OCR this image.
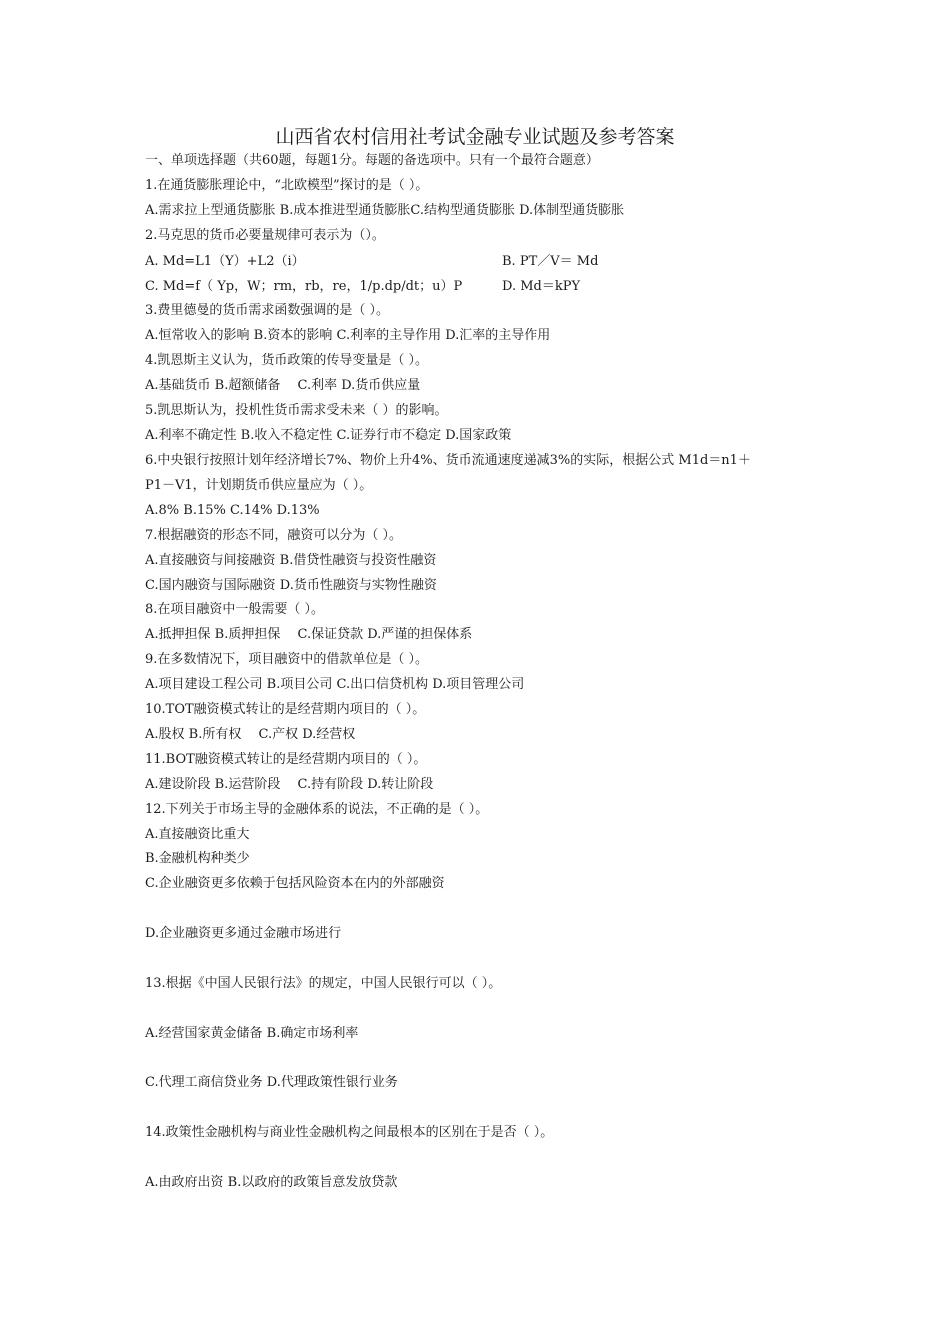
山西省农村信用社考试金融专业试题及参考答案
一、单项选择题（共60题，每题1分。每题的备选项中。只有一个最符合题意）
1.在通货膨胀理论中，“北欧模型”探讨的是（ ）。
A.需求拉上型通货膨胀 B.成本推进型通货膨胀C.结构型通货膨胀 D.体制型通货膨胀
2.马克思的货币必要量规律可表示为（）。
A. Md=L1（Y）+L2（i）	B. PT／V＝ Md
C. Md=f（ Yp，W；rm，rb，re，1/p.dp/dt；u）P	D. Md＝kPY
3.费里德曼的货币需求函数强调的是（ ）。
A.恒常收入的影响 B.资本的影响 C.利率的主导作用 D.汇率的主导作用
4.凯恩斯主义认为，货币政策的传导变量是（ ）。
A.基础货币 B.超额储备　 C.利率 D.货币供应量
5.凯思斯认为，投机性货币需求受未来（ ）的影响。
A.利率不确定性 B.收入不稳定性 C.证券行市不稳定 D.国家政策
6.中央银行按照计划年经济增长7%、物价上升4%、货币流通速度递减3%的实际，根据公式 M1d＝n1＋
P1－V1，计划期货币供应量应为（ ）。
A.8% B.15% C.14% D.13%
7.根据融资的形态不同，融资可以分为（ ）。
A.直接融资与间接融资 B.借贷性融资与投资性融资
C.国内融资与国际融资 D.货币性融资与实物性融资
8.在项目融资中一般需要（ ）。
A.抵押担保 B.质押担保　 C.保证贷款 D.严谨的担保体系
9.在多数情况下，项目融资中的借款单位是（ ）。
A.项目建设工程公司 B.项目公司 C.出口信贷机构 D.项目管理公司
10.TOT融资模式转让的是经营期内项目的（ ）。
A.股权 B.所有权　 C.产权 D.经营权
11.BOT融资模式转让的是经营期内项目的（ ）。
A.建设阶段 B.运营阶段　 C.持有阶段 D.转让阶段
12.下列关于市场主导的金融体系的说法，不正确的是（ ）。
A.直接融资比重大
B.金融机构种类少
C.企业融资更多依赖于包括风险资本在内的外部融资
D.企业融资更多通过金融市场进行
13.根据《中国人民银行法》的规定，中国人民银行可以（ ）。
A.经营国家黄金储备 B.确定市场利率
C.代理工商信贷业务 D.代理政策性银行业务
14.政策性金融机构与商业性金融机构之间最根本的区别在于是否（ ）。
A.由政府出资 B.以政府的政策旨意发放贷款
